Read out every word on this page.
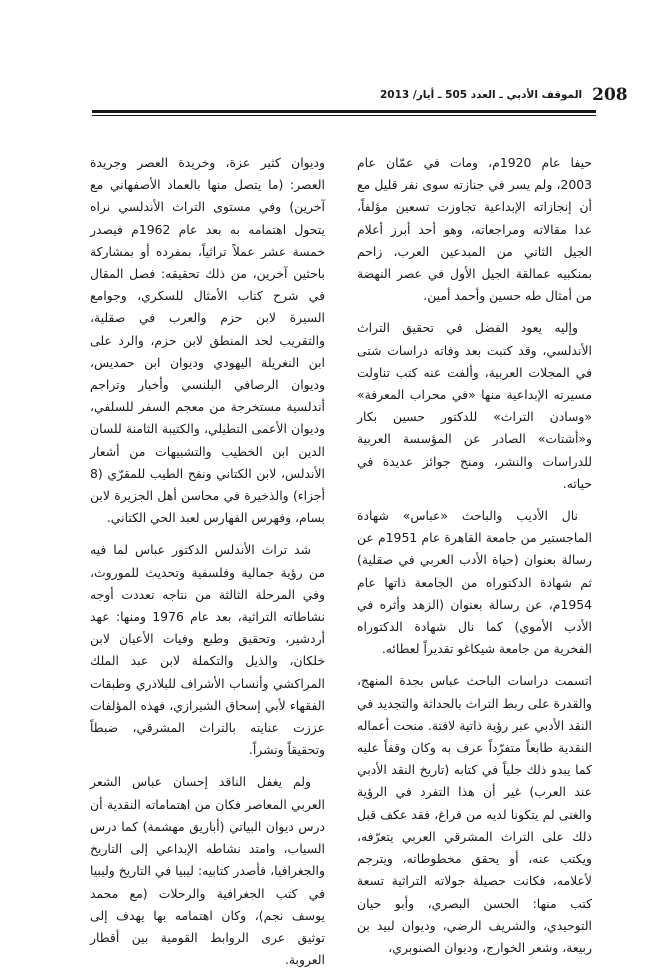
208
الموقف الأدبي ـ العدد 505 ـ أيار/ 2013

حيفا عام 1920م، ومات في عمّان عام 2003، ولم يسر في جنازته سوى نفر قليل مع أن إنجازاته الإبداعية تجاوزت تسعين مؤلفاً، عدا مقالاته ومراجعاته، وهو أحد أبرز أعلام الجيل الثاني من المبدعين العرب، زاحم بمنكبيه عمالقة الجيل الأول في عصر النهضة من أمثال طه حسين وأحمد أمين.

وإليه يعود الفضل في تحقيق التراث الأندلسي، وقد كتبت بعد وفاته دراسات شتى في المجلات العربية، وألفت عنه كتب تناولت مسيرته الإبداعية منها «في محراب المعرفة» «وسادن التراث» للدكتور حسين بكار و«أشتات» الصادر عن المؤسسة العربية للدراسات والنشر، ومنح جوائز عديدة في حياته.

نال الأديب والباحث «عباس» شهادة الماجستير من جامعة القاهرة عام 1951م عن رسالة بعنوان (حياة الأدب العربي في صقلية) ثم شهادة الدكتوراه من الجامعة ذاتها عام 1954م، عن رسالة بعنوان (الزهد وأثره في الأدب الأموي) كما نال شهادة الدكتوراه الفخرية من جامعة شيكاغو تقديراً لعطائه.

اتسمت دراسات الباحث عباس بجدة المنهج، والقدرة على ربط التراث بالحداثة والتجديد في النقد الأدبي عبر رؤية ذاتية لافتة. منحت أعماله النقدية طابعاً متفرّداً عرف به وكان وقفاً عليه كما يبدو ذلك جلياً في كتابه (تاريخ النقد الأدبي عند العرب) غير أن هذا التفرد في الرؤية والغنى لم يتكونا لديه من فراغ، فقد عكف قبل ذلك على التراث المشرقي العربي يتعرّفه، ويكتب عنه، أو يحقق مخطوطاته، ويترجم لأعلامه، فكانت حصيلة جولاته التراثية تسعة كتب منها: الحسن البصري، وأبو حيان التوحيدي، والشريف الرضي، وديوان لبيد بن ربيعة، وشعر الخوارج، وديوان الصنوبري،

وديوان كثير عزة، وخريدة العصر وجريدة العصر: (ما يتصل منها بالعماد الأصفهاني مع آخرين) وفي مستوى التراث الأندلسي نراه يتحول اهتمامه به بعد عام 1962م فيصدر خمسة عشر عملاً تراثياً، بمفرده أو بمشاركة باحثين آخرين، من ذلك تحقيقه: فصل المقال في شرح كتاب الأمثال للسكري، وجوامع السيرة لابن حزم والعرب في صقلية، والتقريب لحد المنطق لابن حزم، والرد على ابن النغريلة اليهودي وديوان ابن حمديس، وديوان الرصافي البلنسي وأخبار وتراجم أندلسية مستخرجة من معجم السفر للسلفي، وديوان الأعمى التطيلي، والكتيبة الثامنة للسان الدين ابن الخطيب والتشبيهات من أشعار الأندلس، لابن الكتاني ونفح الطيب للمقرّي (8 أجزاء) والذخيرة في محاسن أهل الجزيرة لابن بسام، وفهرس الفهارس لعبد الحي الكتاني.

شد تراث الأندلس الدكتور عباس لما فيه من رؤية جمالية وفلسفية وتحديث للموروث، وفي المرحلة الثالثة من نتاجه تعددت أوجه نشاطاته التراثية، بعد عام 1976 ومنها: عهد أردشير، وتحقيق وطبع وفيات الأعيان لابن خلكان، والذيل والتكملة لابن عبد الملك المراكشي وأنساب الأشراف للبلاذري وطبقات الفقهاء لأبي إسحاق الشيرازي، فهذه المؤلفات عززت عنايته بالتراث المشرقي، ضبطاً وتحقيقاً ونشراً.

ولم يغفل الناقد إحسان عباس الشعر العربي المعاصر فكان من اهتماماته النقدية أن درس ديوان البياتي (أباريق مهشمة) كما درس السياب، وامتد نشاطه الإبداعي إلى التاريخ والجغرافيا، فأصدر كتابيه: ليبيا في التاريخ وليبيا في كتب الجغرافية والرحلات (مع محمد يوسف نجم)، وكان اهتمامه بها يهدف إلى توثيق عرى الروابط القومية بين أقطار العروبة.
